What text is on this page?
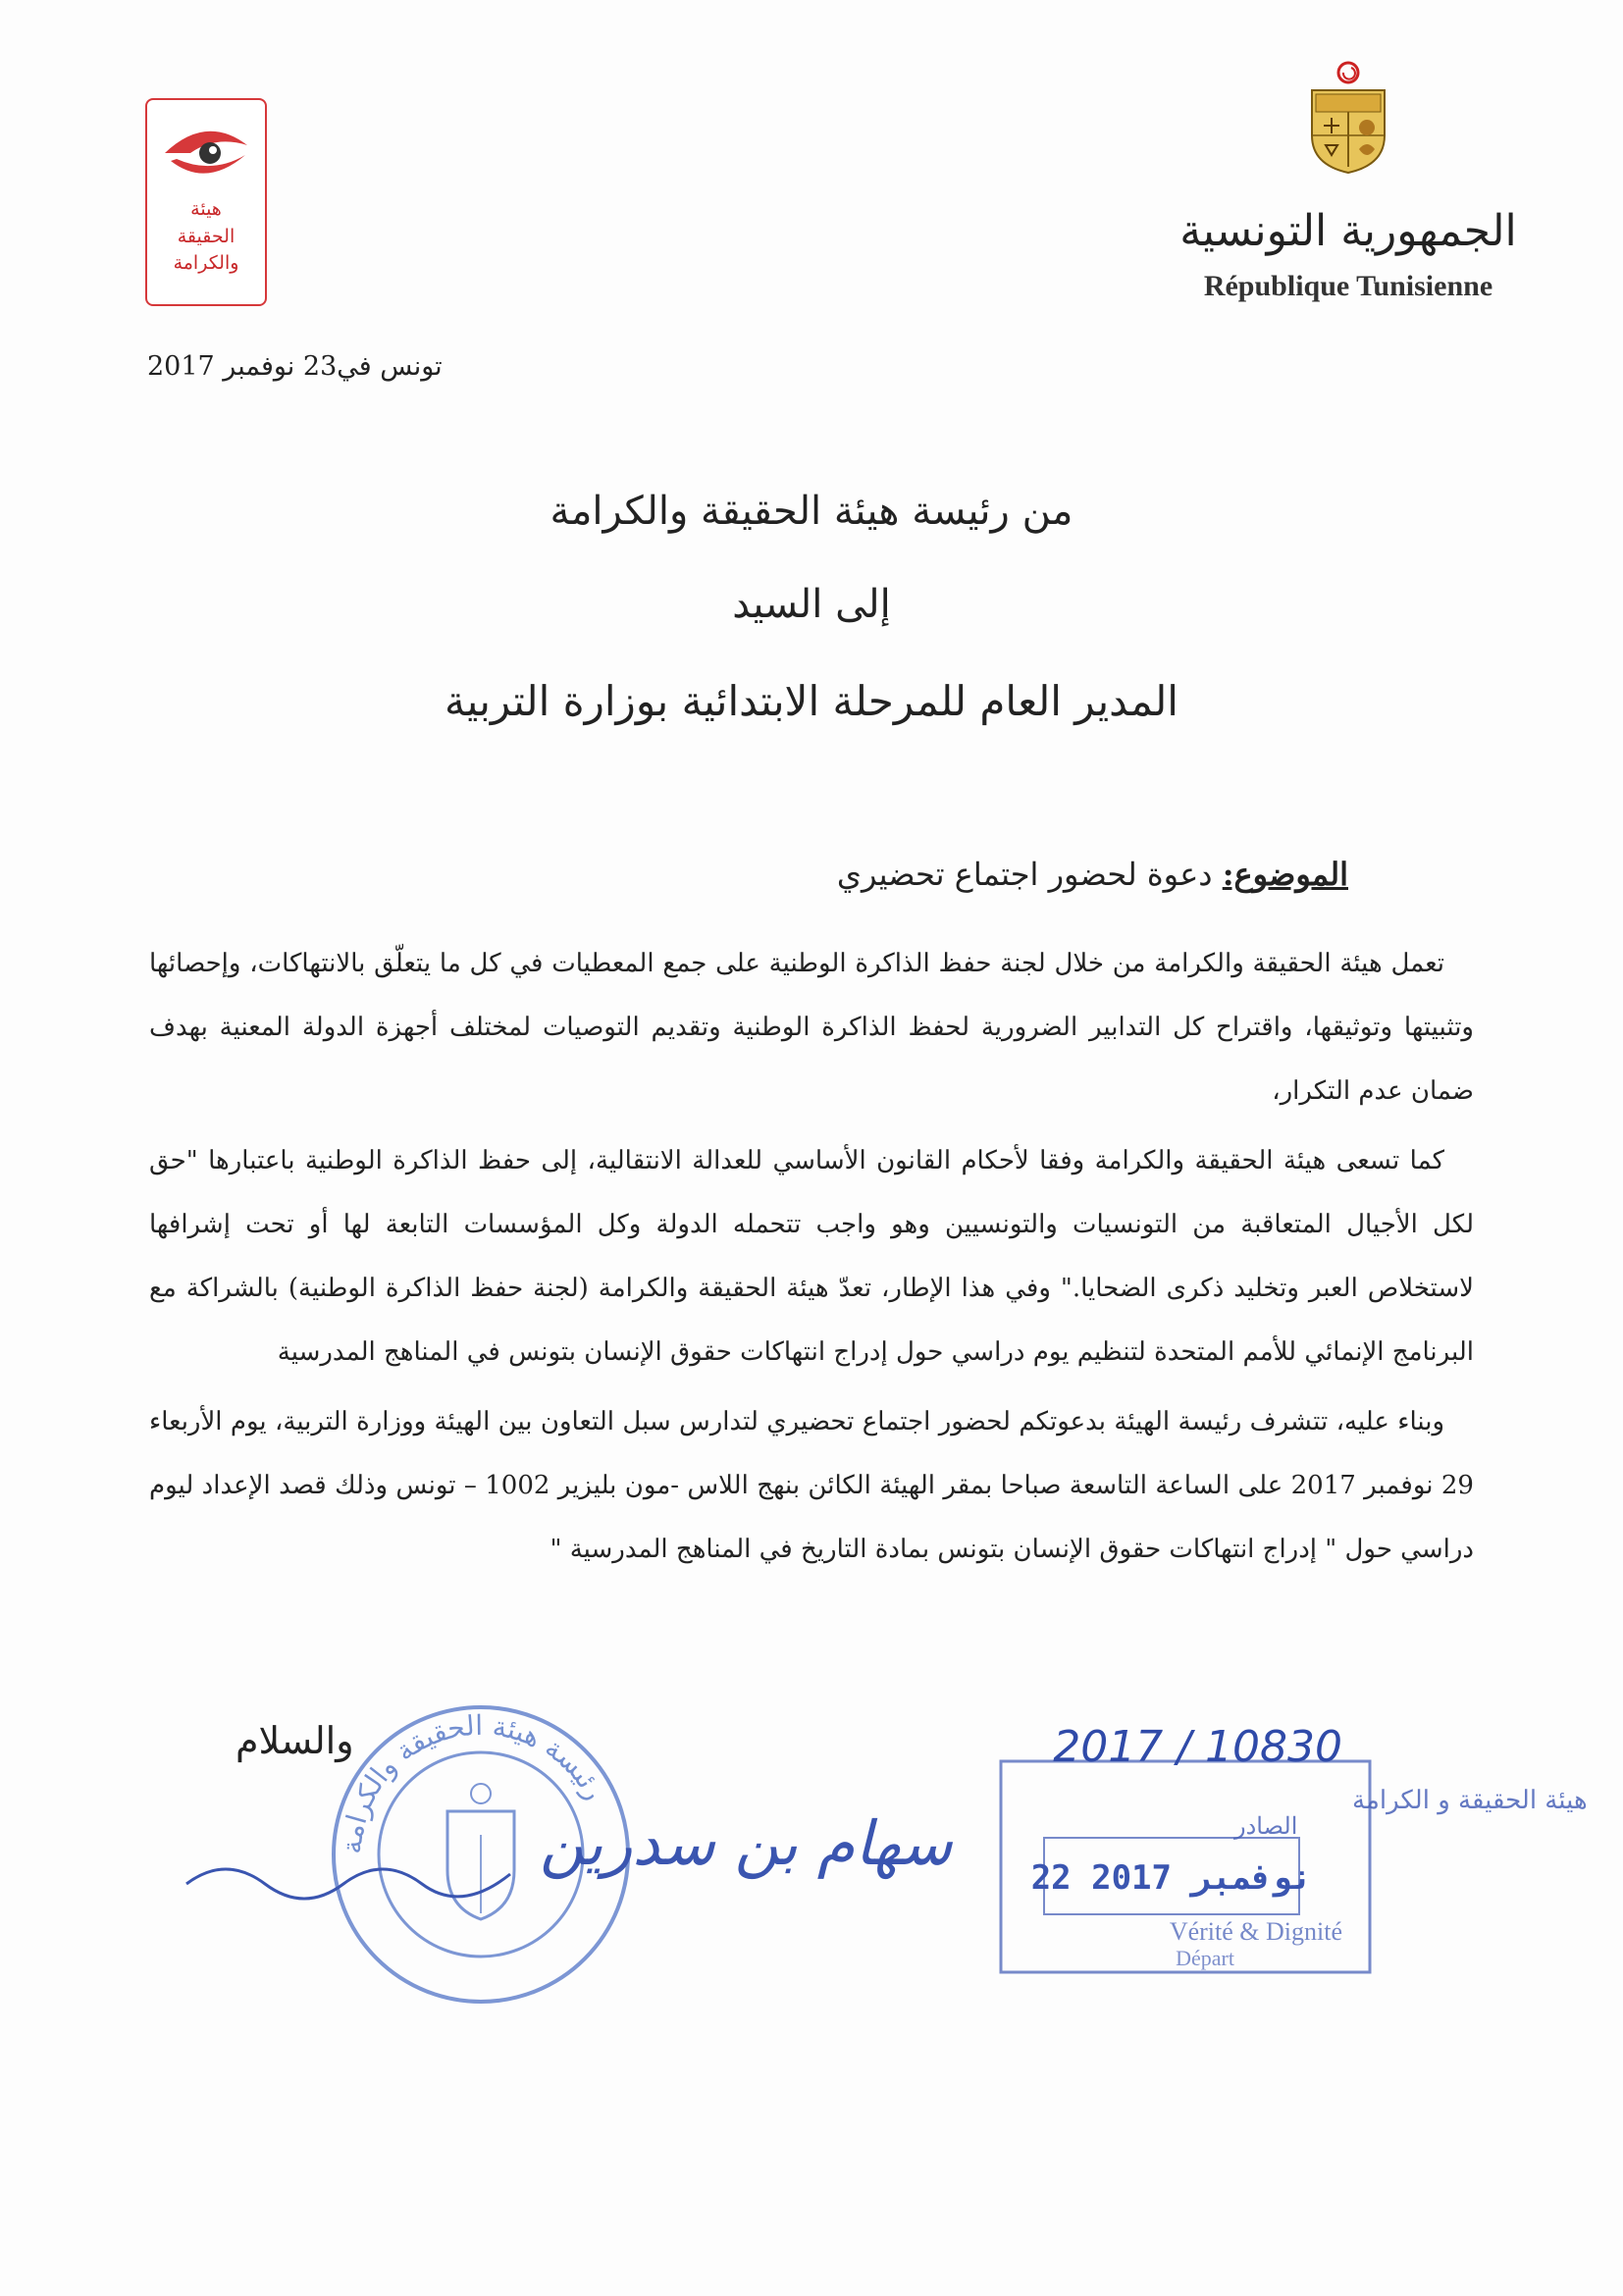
الجمهورية التونسية
République Tunisienne
هيئة
الحقيقة
والكرامة
تونس في23 نوفمبر 2017
من رئيسة هيئة الحقيقة والكرامة
إلى السيد
المدير العام للمرحلة الابتدائية بوزارة التربية
الموضوع: دعوة لحضور اجتماع تحضيري

تعمل هيئة الحقيقة والكرامة من خلال لجنة حفظ الذاكرة الوطنية على جمع المعطيات في كل ما يتعلّق بالانتهاكات، وإحصائها وتثبيتها وتوثيقها، واقتراح كل التدابير الضرورية لحفظ الذاكرة الوطنية وتقديم التوصيات لمختلف أجهزة الدولة المعنية بهدف ضمان عدم التكرار،

كما تسعى هيئة الحقيقة والكرامة وفقا لأحكام القانون الأساسي للعدالة الانتقالية، إلى حفظ الذاكرة الوطنية باعتبارها "حق لكل الأجيال المتعاقبة من التونسيات والتونسيين وهو واجب تتحمله الدولة وكل المؤسسات التابعة لها أو تحت إشرافها لاستخلاص العبر وتخليد ذكرى الضحايا." وفي هذا الإطار، تعدّ هيئة الحقيقة والكرامة (لجنة حفظ الذاكرة الوطنية) بالشراكة مع البرنامج الإنمائي للأمم المتحدة لتنظيم يوم دراسي حول إدراج انتهاكات حقوق الإنسان بتونس في المناهج المدرسية

وبناء عليه، تتشرف رئيسة الهيئة بدعوتكم لحضور اجتماع تحضيري لتدارس سبل التعاون بين الهيئة ووزارة التربية، يوم الأربعاء 29 نوفمبر 2017 على الساعة التاسعة صباحا بمقر الهيئة الكائن بنهج اللاس -مون بليزير 1002 – تونس وذلك قصد الإعداد ليوم دراسي حول " إدراج انتهاكات حقوق الإنسان بتونس بمادة التاريخ في المناهج المدرسية "

والسلام
رئيسة هيئة الحقيقة والكرامة
سهام بن سدرين
2017 / 10830
هيئة الحقيقة و الكرامة
الصادر
22 نوفمبر 2017
Vérité & Dignité
Départ
